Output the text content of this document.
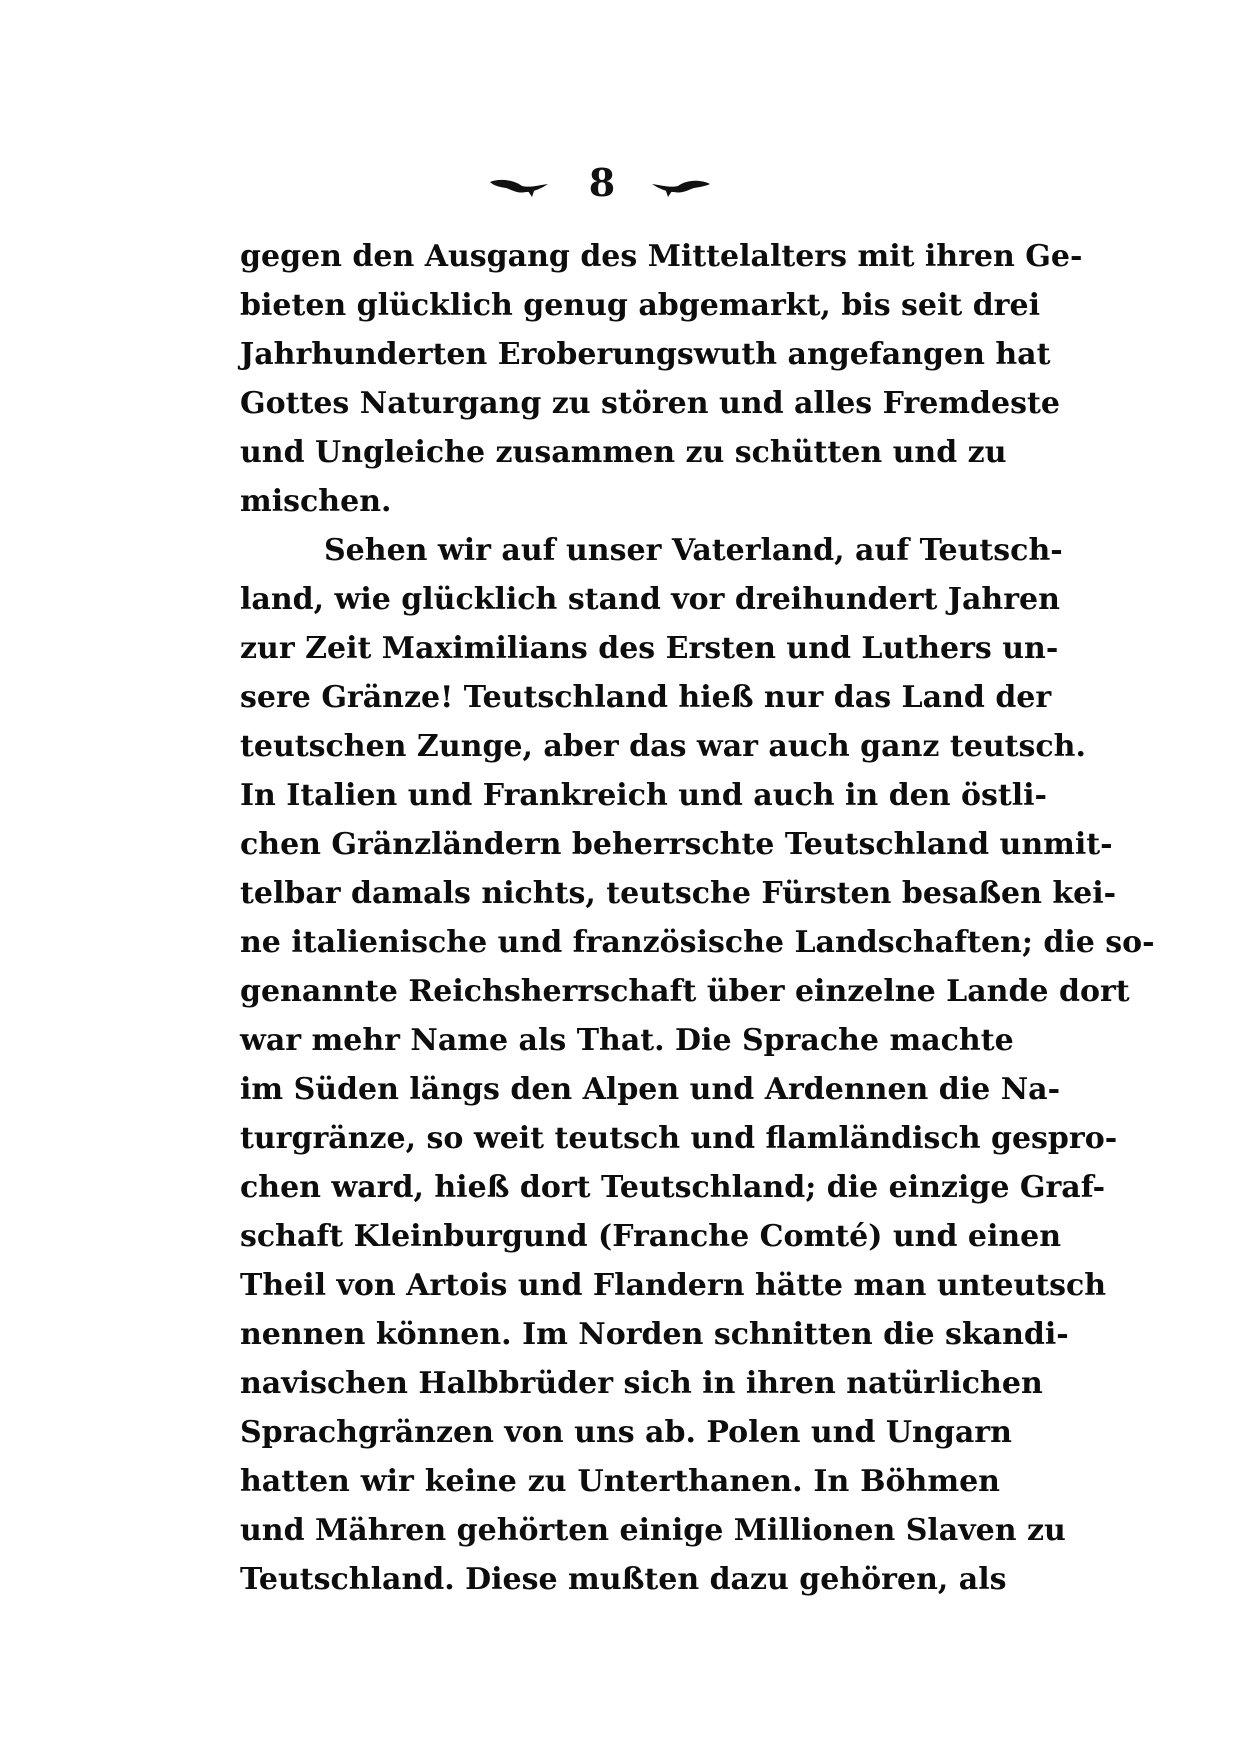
8
gegen den Ausgang des Mittelalters mit ihren Ge-
bieten glücklich genug abgemarkt, bis seit drei
Jahrhunderten Eroberungswuth angefangen hat
Gottes Naturgang zu stören und alles Fremdeste
und Ungleiche zusammen zu schütten und zu
mischen.
Sehen wir auf unser Vaterland, auf Teutsch-
land, wie glücklich stand vor dreihundert Jahren
zur Zeit Maximilians des Ersten und Luthers un-
sere Gränze! Teutschland hieß nur das Land der
teutschen Zunge, aber das war auch ganz teutsch.
In Italien und Frankreich und auch in den östli-
chen Gränzländern beherrschte Teutschland unmit-
telbar damals nichts, teutsche Fürsten besaßen kei-
ne italienische und französische Landschaften; die so-
genannte Reichsherrschaft über einzelne Lande dort
war mehr Name als That. Die Sprache machte
im Süden längs den Alpen und Ardennen die Na-
turgränze, so weit teutsch und flamländisch gespro-
chen ward, hieß dort Teutschland; die einzige Graf-
schaft Kleinburgund (Franche Comté) und einen
Theil von Artois und Flandern hätte man unteutsch
nennen können. Im Norden schnitten die skandi-
navischen Halbbrüder sich in ihren natürlichen
Sprachgränzen von uns ab. Polen und Ungarn
hatten wir keine zu Unterthanen. In Böhmen
und Mähren gehörten einige Millionen Slaven zu
Teutschland. Diese mußten dazu gehören, als
